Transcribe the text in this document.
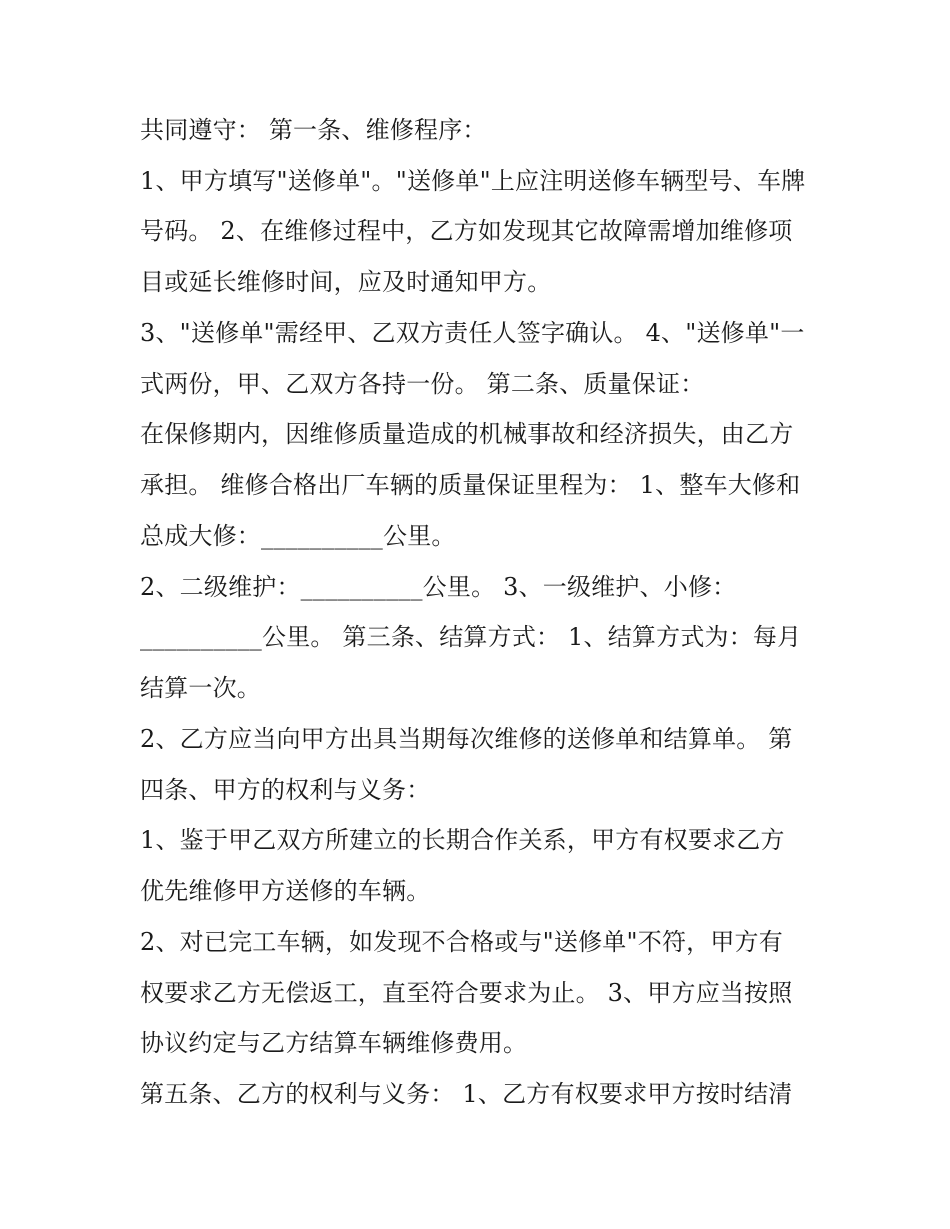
共同遵守： 第一条、维修程序：
1、甲方填写"送修单"。"送修单"上应注明送修车辆型号、车牌
号码。 2、在维修过程中，乙方如发现其它故障需增加维修项
目或延长维修时间，应及时通知甲方。
3、"送修单"需经甲、乙双方责任人签字确认。 4、"送修单"一
式两份，甲、乙双方各持一份。 第二条、质量保证：
在保修期内，因维修质量造成的机械事故和经济损失，由乙方
承担。 维修合格出厂车辆的质量保证里程为： 1、整车大修和
总成大修：__________公里。
2、二级维护：__________公里。 3、一级维护、小修：
__________公里。 第三条、结算方式： 1、结算方式为：每月
结算一次。
2、乙方应当向甲方出具当期每次维修的送修单和结算单。 第
四条、甲方的权利与义务：
1、鉴于甲乙双方所建立的长期合作关系，甲方有权要求乙方
优先维修甲方送修的车辆。
2、对已完工车辆，如发现不合格或与"送修单"不符，甲方有
权要求乙方无偿返工，直至符合要求为止。 3、甲方应当按照
协议约定与乙方结算车辆维修费用。
第五条、乙方的权利与义务： 1、乙方有权要求甲方按时结清
